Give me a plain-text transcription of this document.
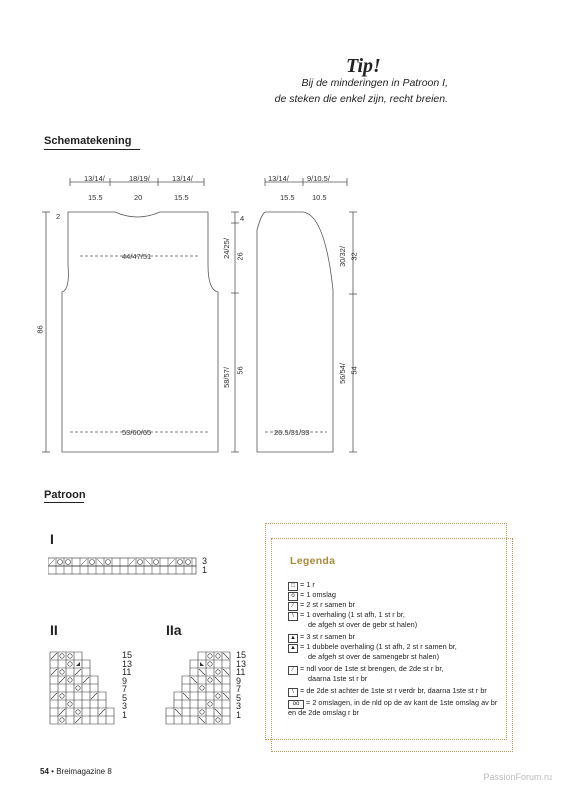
Tip!
Bij de minderingen in Patroon I,
de steken die enkel zijn, recht breien.
Schematekening
13/14/
15.5
18/19/
20
13/14/
15.5
2
86
44/47/51
53/60/65
4
24/25/ 26
58/57/ 56
13/14/
15.5
9/10.5/
10.5
30/32/ 32
56/54/ 54
26.5/31/33
Patroon
I
3
1
II
15
13
11
9
7
5
3
1
IIa
15
13
11
9
7
5
3
1
Legenda
□ = 1 r
o = 1 omslag
⁄ = 2 st r samen br
\ = 1 overhaling (1 st afh, 1 st r br,
de afgeh st over de gebr st halen)
▲ = 3 st r samen br
▲ = 1 dubbele overhaling (1 st afh, 2 st r samen br,
de afgeh st over de samengebr st halen)
⁄ = ndl voor de 1ste st brengen, de 2de st r br,
daarna 1ste st r br
\ = de 2de st achter de 1ste st r verdr br, daarna 1ste st r br
oo = 2 omslagen, in de nld op de av kant de 1ste omslag av br
en de 2de omslag r br
54 • Breimagazine 8
PassionForum.ru
